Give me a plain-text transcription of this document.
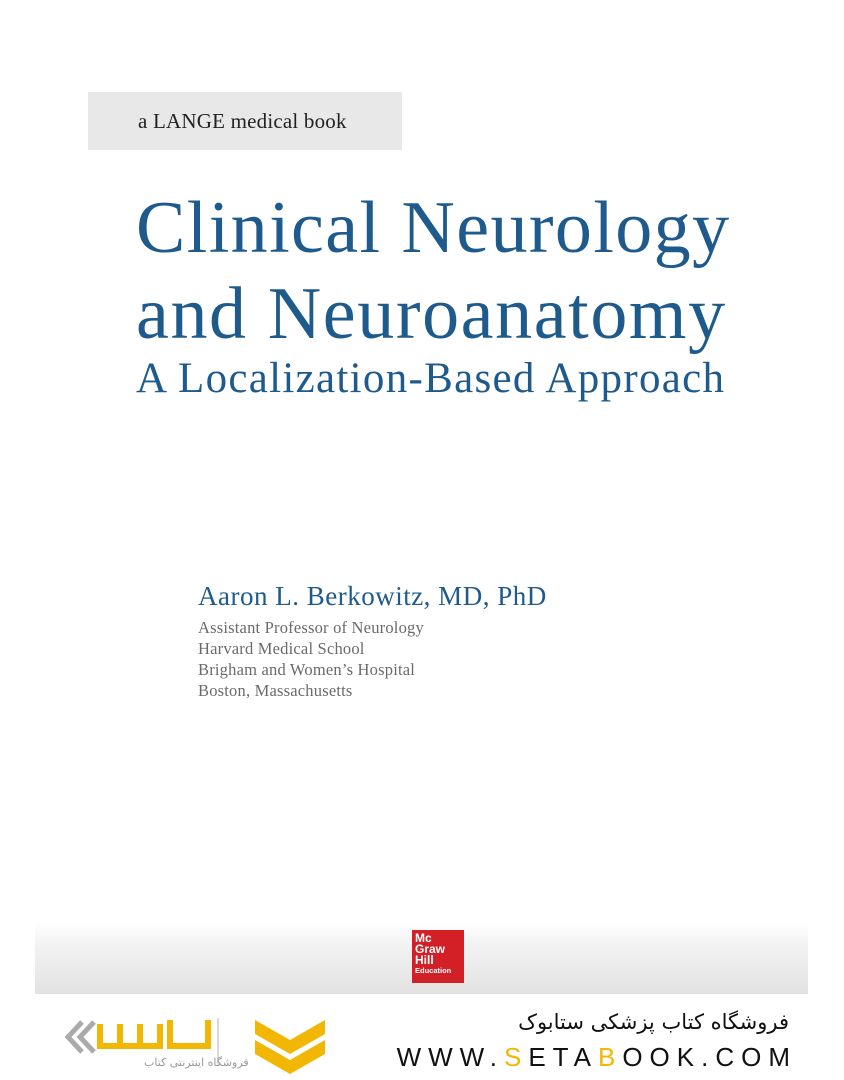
a LANGE medical book
Clinical Neurology
and Neuroanatomy
A Localization-Based Approach
Aaron L. Berkowitz, MD, PhD
Assistant Professor of Neurology
Harvard Medical School
Brigham and Women’s Hospital
Boston, Massachusetts
Mc
Graw
Hill
Education
فروشگاه اینترنتی کتاب
فروشگاه کتاب پزشکی ستابوک
WWW.SETABOOK.COM
